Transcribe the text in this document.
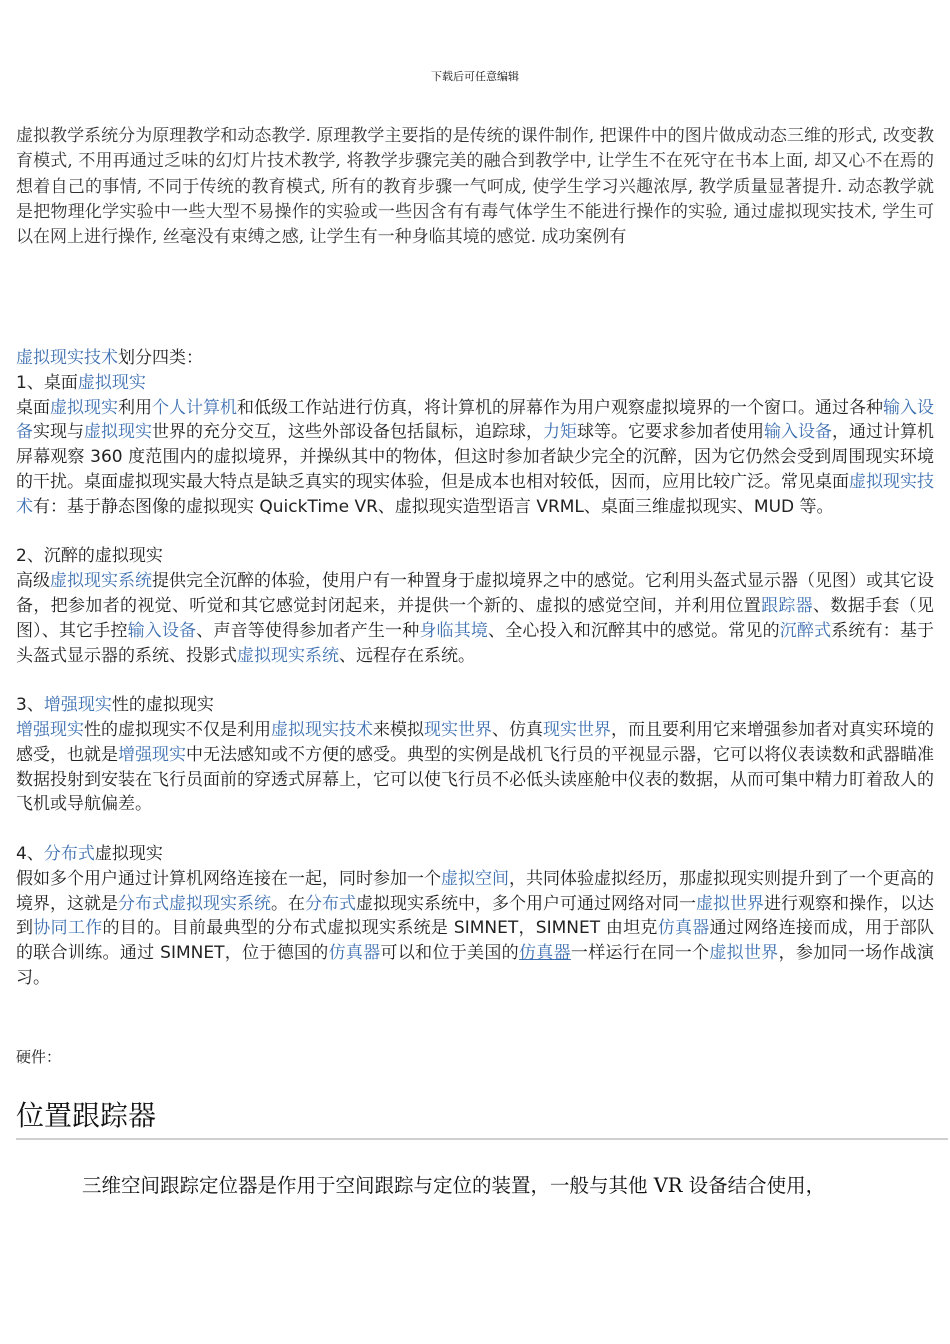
下载后可任意编辑

虚拟教学系统分为原理教学和动态教学. 原理教学主要指的是传统的课件制作, 把课件中的图片做成动态三维的形式, 改变教育模式, 不用再通过乏味的幻灯片技术教学, 将教学步骤完美的融合到教学中, 让学生不在死守在书本上面, 却又心不在焉的想着自己的事情, 不同于传统的教育模式, 所有的教育步骤一气呵成, 使学生学习兴趣浓厚, 教学质量显著提升. 动态教学就是把物理化学实验中一些大型不易操作的实验或一些因含有有毒气体学生不能进行操作的实验, 通过虚拟现实技术, 学生可以在网上进行操作, 丝毫没有束缚之感, 让学生有一种身临其境的感觉. 成功案例有

虚拟现实技术划分四类：

1、桌面虚拟现实

桌面虚拟现实利用个人计算机和低级工作站进行仿真，将计算机的屏幕作为用户观察虚拟境界的一个窗口。通过各种输入设备实现与虚拟现实世界的充分交互，这些外部设备包括鼠标，追踪球，力矩球等。它要求参加者使用输入设备，通过计算机屏幕观察 360 度范围内的虚拟境界，并操纵其中的物体，但这时参加者缺少完全的沉醉，因为它仍然会受到周围现实环境的干扰。桌面虚拟现实最大特点是缺乏真实的现实体验，但是成本也相对较低，因而，应用比较广泛。常见桌面虚拟现实技术有：基于静态图像的虚拟现实 QuickTime VR、虚拟现实造型语言 VRML、桌面三维虚拟现实、MUD 等。

2、沉醉的虚拟现实

高级虚拟现实系统提供完全沉醉的体验，使用户有一种置身于虚拟境界之中的感觉。它利用头盔式显示器（见图）或其它设备，把参加者的视觉、听觉和其它感觉封闭起来，并提供一个新的、虚拟的感觉空间，并利用位置跟踪器、数据手套（见图）、其它手控输入设备、声音等使得参加者产生一种身临其境、全心投入和沉醉其中的感觉。常见的沉醉式系统有：基于头盔式显示器的系统、投影式虚拟现实系统、远程存在系统。

3、增强现实性的虚拟现实

增强现实性的虚拟现实不仅是利用虚拟现实技术来模拟现实世界、仿真现实世界，而且要利用它来增强参加者对真实环境的感受，也就是增强现实中无法感知或不方便的感受。典型的实例是战机飞行员的平视显示器，它可以将仪表读数和武器瞄准数据投射到安装在飞行员面前的穿透式屏幕上，它可以使飞行员不必低头读座舱中仪表的数据，从而可集中精力盯着敌人的飞机或导航偏差。

4、分布式虚拟现实

假如多个用户通过计算机网络连接在一起，同时参加一个虚拟空间，共同体验虚拟经历，那虚拟现实则提升到了一个更高的境界，这就是分布式虚拟现实系统。在分布式虚拟现实系统中，多个用户可通过网络对同一虚拟世界进行观察和操作，以达到协同工作的目的。目前最典型的分布式虚拟现实系统是 SIMNET，SIMNET 由坦克仿真器通过网络连接而成，用于部队的联合训练。通过 SIMNET，位于德国的仿真器可以和位于美国的仿真器一样运行在同一个虚拟世界，参加同一场作战演习。

硬件：
位置跟踪器
三维空间跟踪定位器是作用于空间跟踪与定位的装置，一般与其他 VR 设备结合使用，
